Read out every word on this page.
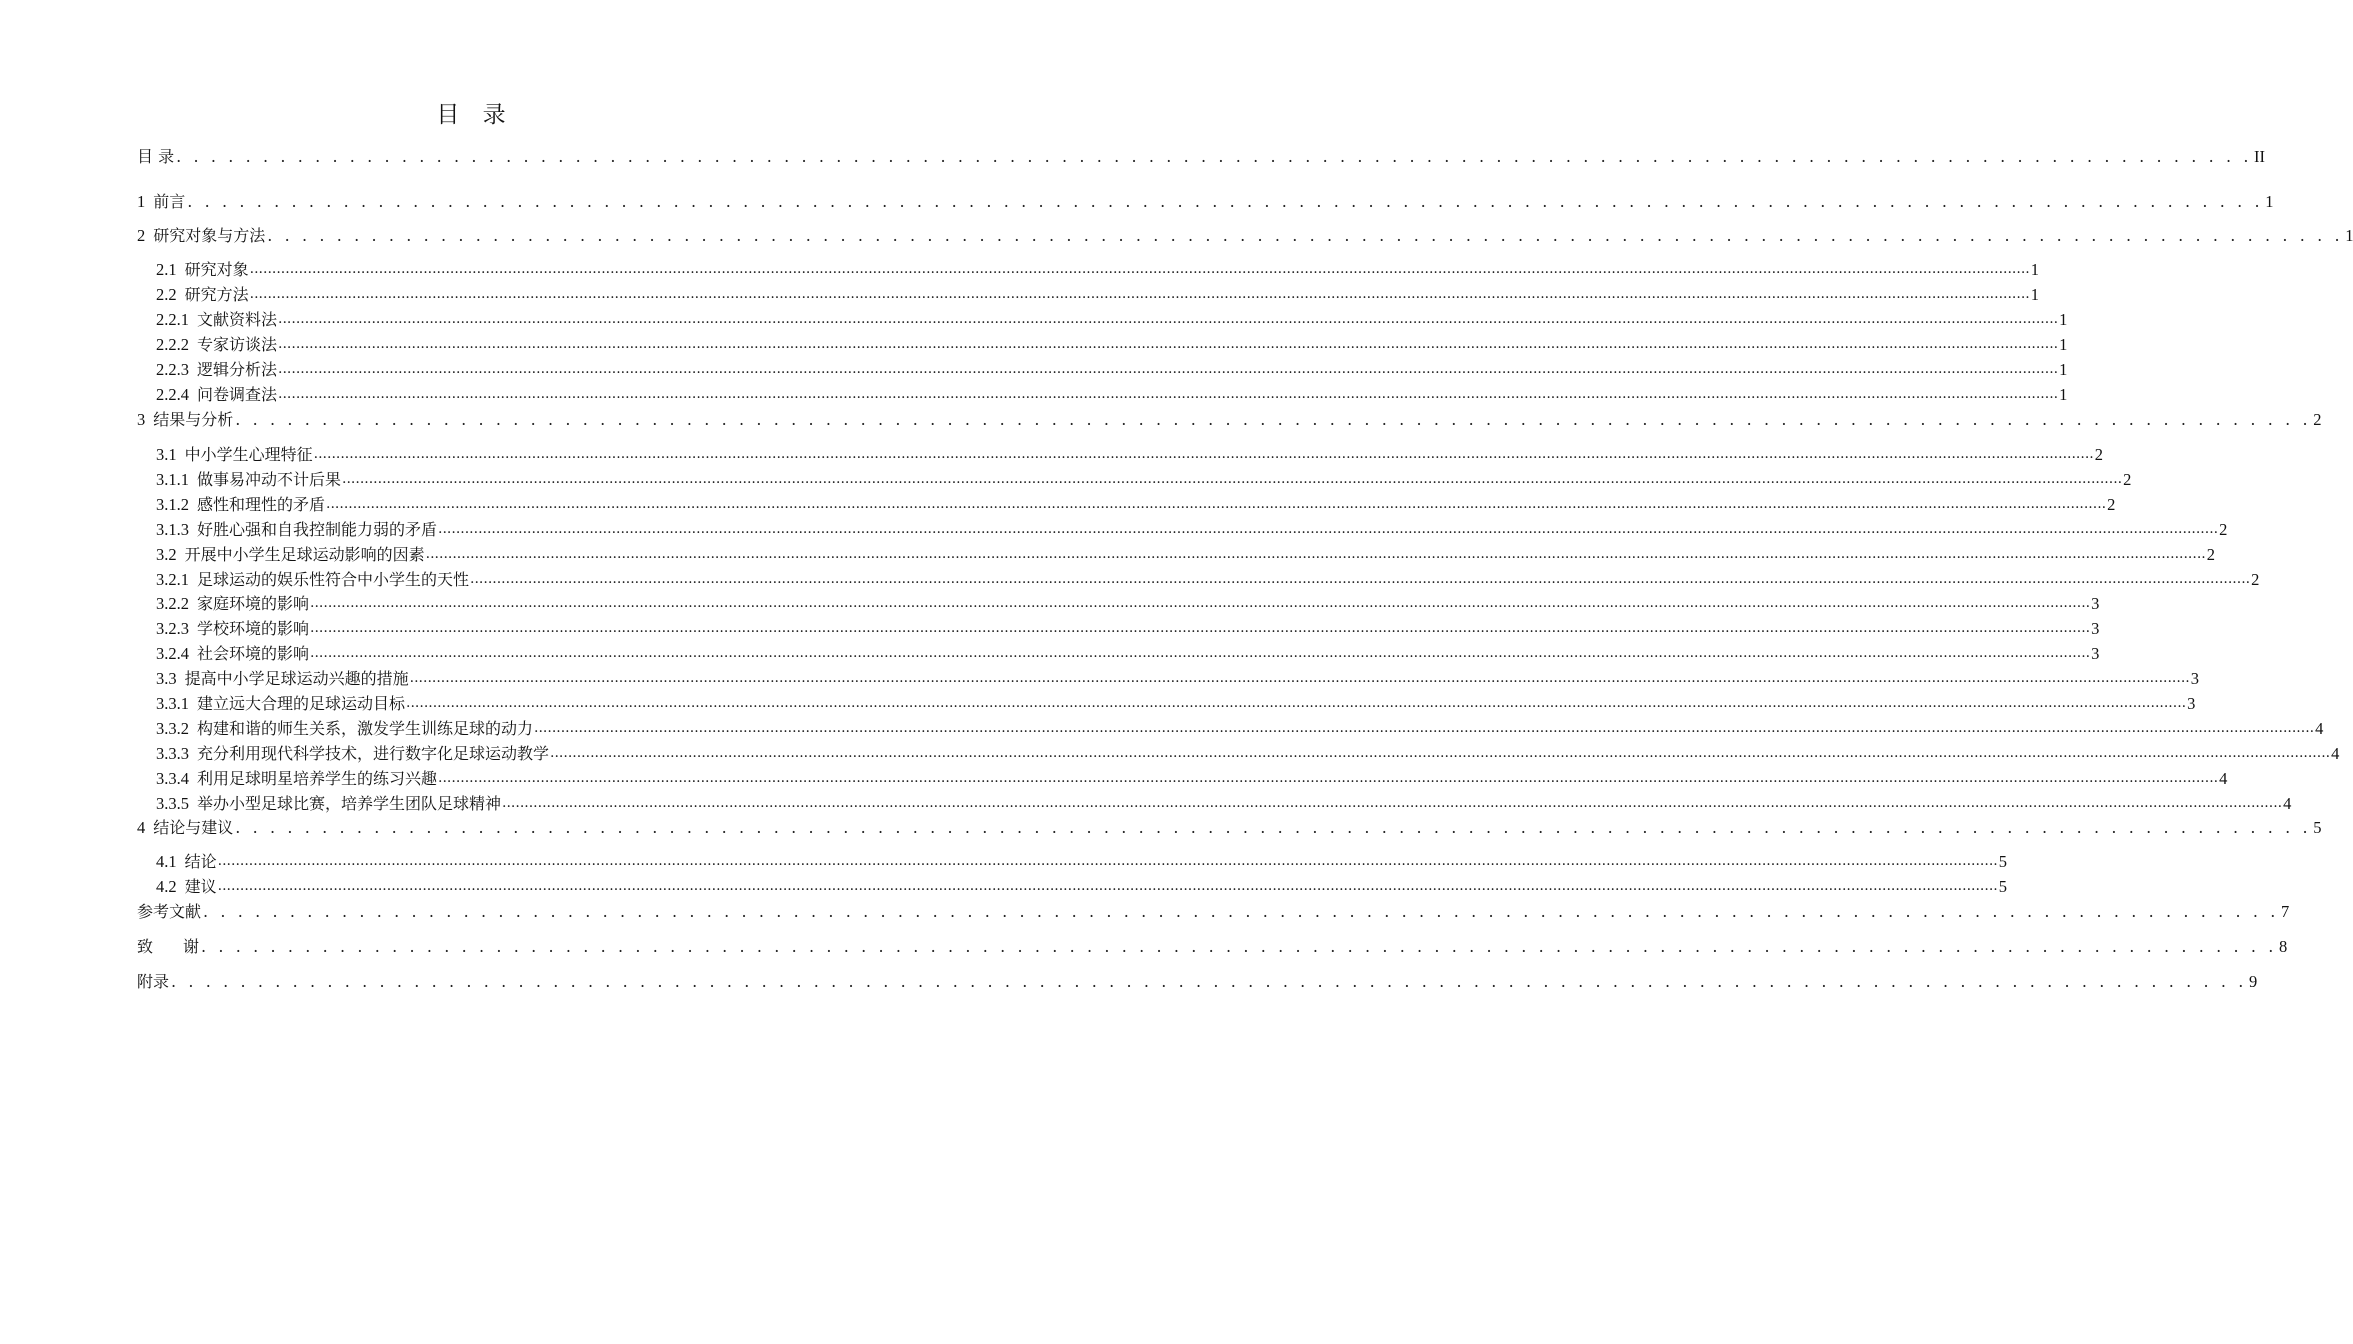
目 录
目 录 . . . . . . . . . . . . . . . . . . . . . . . . . . . . . . . . . . . . . . . . . . . . . . . . . . . . . . . . . . . . . . . . . . . . . . . . . . . . . . . . . . . . . . . . . . . . . . . . . . . . . . . . . . . . . . . . . . . . . . . . II
1 前言 . . . . . . . . . . . . . . . . . . . . . . . . . . . . . . . . . . . . . . . . . . . . . . . . . . . . . . . . . . . . . . . . . . . . . . . . . . . . . . . . . . . . . . . . . . . . . . . . . . . . . . . . . . . . . . . . . . . . . . . . 1
2 研究对象与方法 . . . . . . . . . . . . . . . . . . . . . . . . . . . . . . . . . . . . . . . . . . . . . . . . . . . . . . . . . . . . . . . . . . . . . . . . . . . . . . . . . . . . . . . . . . . . . . . . . . . . . . . . . . . . . . . . . . . . . . . . 1
2.1 研究对象 ................................................................................................................................................................................................................................................................................................................................................................................................................ 1
2.2 研究方法 ................................................................................................................................................................................................................................................................................................................................................................................................................ 1
2.2.1 文献资料法 ................................................................................................................................................................................................................................................................................................................................................................................................................ 1
2.2.2 专家访谈法 ................................................................................................................................................................................................................................................................................................................................................................................................................ 1
2.2.3 逻辑分析法 ................................................................................................................................................................................................................................................................................................................................................................................................................ 1
2.2.4 问卷调查法 ................................................................................................................................................................................................................................................................................................................................................................................................................ 1
3 结果与分析 . . . . . . . . . . . . . . . . . . . . . . . . . . . . . . . . . . . . . . . . . . . . . . . . . . . . . . . . . . . . . . . . . . . . . . . . . . . . . . . . . . . . . . . . . . . . . . . . . . . . . . . . . . . . . . . . . . . . . . . . 2
3.1 中小学生心理特征 ................................................................................................................................................................................................................................................................................................................................................................................................................ 2
3.1.1 做事易冲动不计后果 ................................................................................................................................................................................................................................................................................................................................................................................................................ 2
3.1.2 感性和理性的矛盾 ................................................................................................................................................................................................................................................................................................................................................................................................................ 2
3.1.3 好胜心强和自我控制能力弱的矛盾 ................................................................................................................................................................................................................................................................................................................................................................................................................ 2
3.2 开展中小学生足球运动影响的因素 ................................................................................................................................................................................................................................................................................................................................................................................................................ 2
3.2.1 足球运动的娱乐性符合中小学生的天性 ................................................................................................................................................................................................................................................................................................................................................................................................................ 2
3.2.2 家庭环境的影响 ................................................................................................................................................................................................................................................................................................................................................................................................................ 3
3.2.3 学校环境的影响 ................................................................................................................................................................................................................................................................................................................................................................................................................ 3
3.2.4 社会环境的影响 ................................................................................................................................................................................................................................................................................................................................................................................................................ 3
3.3 提高中小学足球运动兴趣的措施 ................................................................................................................................................................................................................................................................................................................................................................................................................ 3
3.3.1 建立远大合理的足球运动目标 ................................................................................................................................................................................................................................................................................................................................................................................................................ 3
3.3.2 构建和谐的师生关系，激发学生训练足球的动力 ................................................................................................................................................................................................................................................................................................................................................................................................................ 4
3.3.3 充分利用现代科学技术，进行数字化足球运动教学 ................................................................................................................................................................................................................................................................................................................................................................................................................ 4
3.3.4 利用足球明星培养学生的练习兴趣 ................................................................................................................................................................................................................................................................................................................................................................................................................ 4
3.3.5 举办小型足球比赛，培养学生团队足球精神 ................................................................................................................................................................................................................................................................................................................................................................................................................ 4
4 结论与建议 . . . . . . . . . . . . . . . . . . . . . . . . . . . . . . . . . . . . . . . . . . . . . . . . . . . . . . . . . . . . . . . . . . . . . . . . . . . . . . . . . . . . . . . . . . . . . . . . . . . . . . . . . . . . . . . . . . . . . . . . 5
4.1 结论 ................................................................................................................................................................................................................................................................................................................................................................................................................ 5
4.2 建议 ................................................................................................................................................................................................................................................................................................................................................................................................................ 5
参考文献 . . . . . . . . . . . . . . . . . . . . . . . . . . . . . . . . . . . . . . . . . . . . . . . . . . . . . . . . . . . . . . . . . . . . . . . . . . . . . . . . . . . . . . . . . . . . . . . . . . . . . . . . . . . . . . . . . . . . . . . . 7
致 谢 . . . . . . . . . . . . . . . . . . . . . . . . . . . . . . . . . . . . . . . . . . . . . . . . . . . . . . . . . . . . . . . . . . . . . . . . . . . . . . . . . . . . . . . . . . . . . . . . . . . . . . . . . . . . . . . . . . . . . . . . 8
附录 . . . . . . . . . . . . . . . . . . . . . . . . . . . . . . . . . . . . . . . . . . . . . . . . . . . . . . . . . . . . . . . . . . . . . . . . . . . . . . . . . . . . . . . . . . . . . . . . . . . . . . . . . . . . . . . . . . . . . . . . 9
